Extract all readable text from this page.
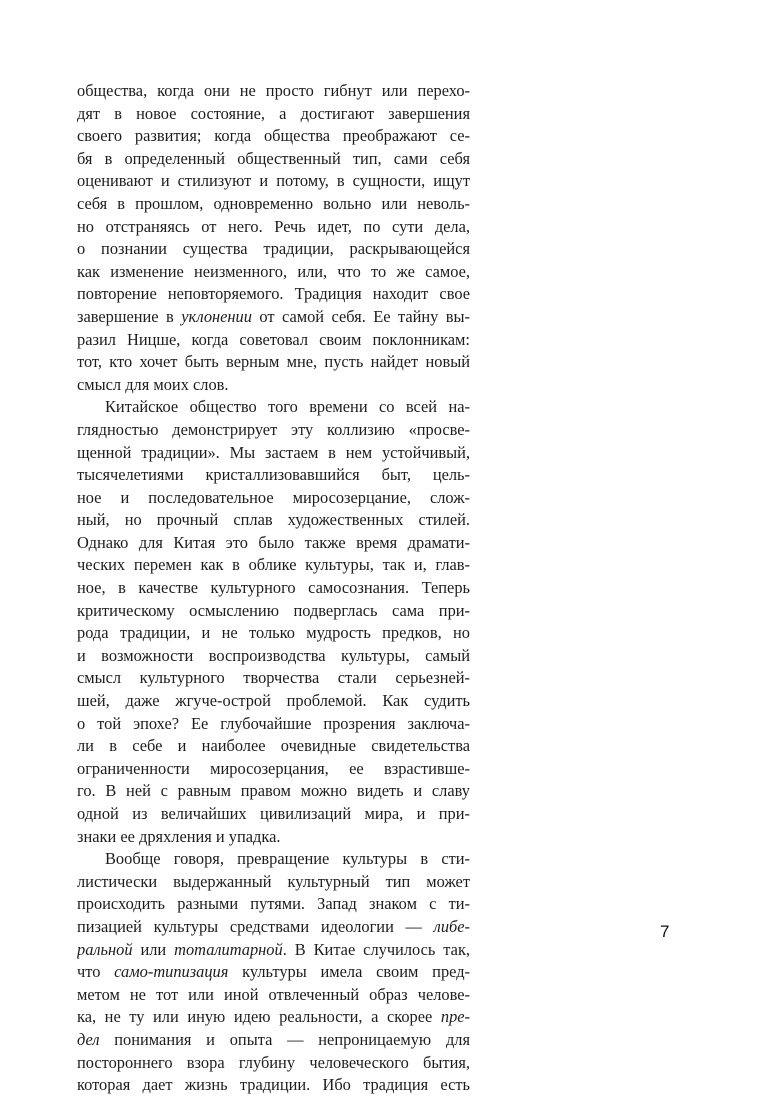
общества, когда они не просто гибнут или перехо-
дят в новое состояние, а достигают завершения
своего развития; когда общества преображают се-
бя в определенный общественный тип, сами себя
оценивают и стилизуют и потому, в сущности, ищут
себя в прошлом, одновременно вольно или неволь-
но отстраняясь от него. Речь идет, по сути дела,
о познании существа традиции, раскрывающейся
как изменение неизменного, или, что то же самое,
повторение неповторяемого. Традиция находит свое
завершение в уклонении от самой себя. Ее тайну вы-
разил Ницше, когда советовал своим поклонникам:
тот, кто хочет быть верным мне, пусть найдет новый
смысл для моих слов.
Китайское общество того времени со всей на-
глядностью демонстрирует эту коллизию «просве-
щенной традиции». Мы застаем в нем устойчивый,
тысячелетиями кристаллизовавшийся быт, цель-
ное и последовательное миросозерцание, слож-
ный, но прочный сплав художественных стилей.
Однако для Китая это было также время драмати-
ческих перемен как в облике культуры, так и, глав-
ное, в качестве культурного самосознания. Теперь
критическому осмыслению подверглась сама при-
рода традиции, и не только мудрость предков, но
и возможности воспроизводства культуры, самый
смысл культурного творчества стали серьезней-
шей, даже жгуче-острой проблемой. Как судить
о той эпохе? Ее глубочайшие прозрения заключа-
ли в себе и наиболее очевидные свидетельства
ограниченности миросозерцания, ее взрастивше-
го. В ней с равным правом можно видеть и славу
одной из величайших цивилизаций мира, и при-
знаки ее дряхления и упадка.
Вообще говоря, превращение культуры в сти-
листически выдержанный культурный тип может
происходить разными путями. Запад знаком с ти-
пизацией культуры средствами идеологии — либе-
ральной или тоталитарной. В Китае случилось так,
что само-типизация культуры имела своим пред-
метом не тот или иной отвлеченный образ челове-
ка, не ту или иную идею реальности, а скорее пре-
дел понимания и опыта — непроницаемую для
постороннего взора глубину человеческого бытия,
которая дает жизнь традиции. Ибо традиция есть
7
